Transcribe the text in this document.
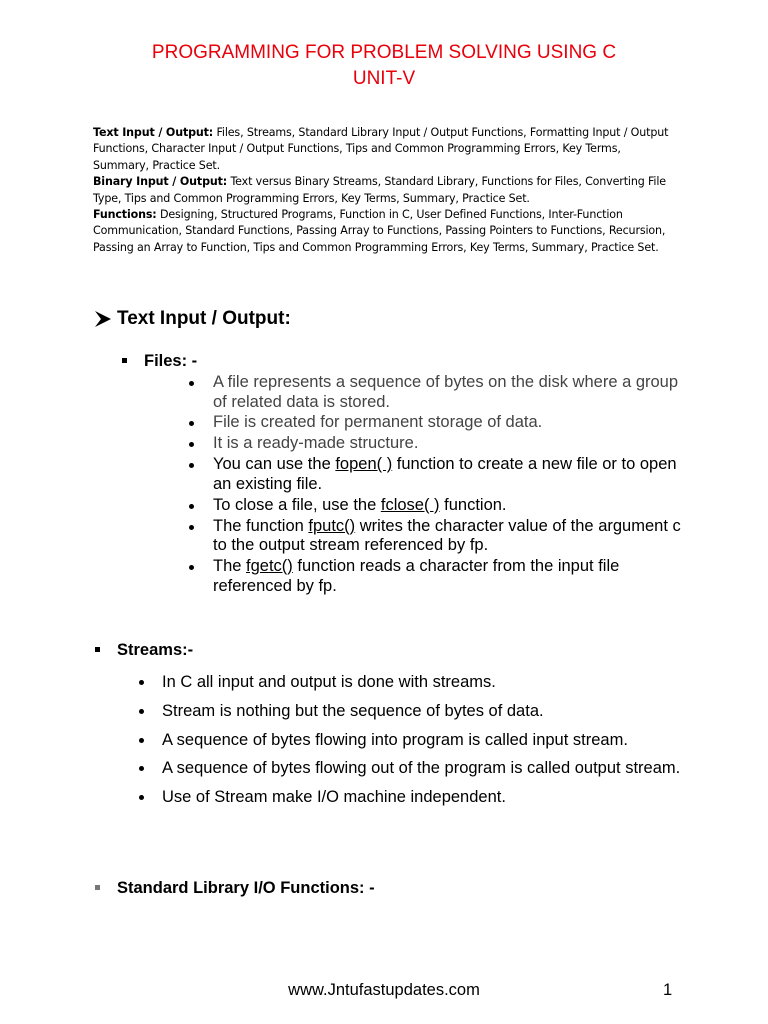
PROGRAMMING FOR PROBLEM SOLVING USING C
UNIT-V

Text Input / Output: Files, Streams, Standard Library Input / Output Functions, Formatting Input / Output Functions, Character Input / Output Functions, Tips and Common Programming Errors, Key Terms, Summary, Practice Set.

Binary Input / Output: Text versus Binary Streams, Standard Library, Functions for Files, Converting File Type, Tips and Common Programming Errors, Key Terms, Summary, Practice Set.

Functions: Designing, Structured Programs, Function in C, User Defined Functions, Inter-Function Communication, Standard Functions, Passing Array to Functions, Passing Pointers to Functions, Recursion, Passing an Array to Function, Tips and Common Programming Errors, Key Terms, Summary, Practice Set.

Text Input / Output:
Files: -
A file represents a sequence of bytes on the disk where a group of related data is stored.
File is created for permanent storage of data.
It is a ready-made structure.
You can use the fopen( ) function to create a new file or to open an existing file.
To close a file, use the fclose( ) function.
The function fputc() writes the character value of the argument c to the output stream referenced by fp.
The fgetc() function reads a character from the input file referenced by fp.
Streams:-
In C all input and output is done with streams.
Stream is nothing but the sequence of bytes of data.
A sequence of bytes flowing into program is called input stream.
A sequence of bytes flowing out of the program is called output stream.
Use of Stream make I/O machine independent.
Standard Library I/O Functions: -
www.Jntufastupdates.com	1
